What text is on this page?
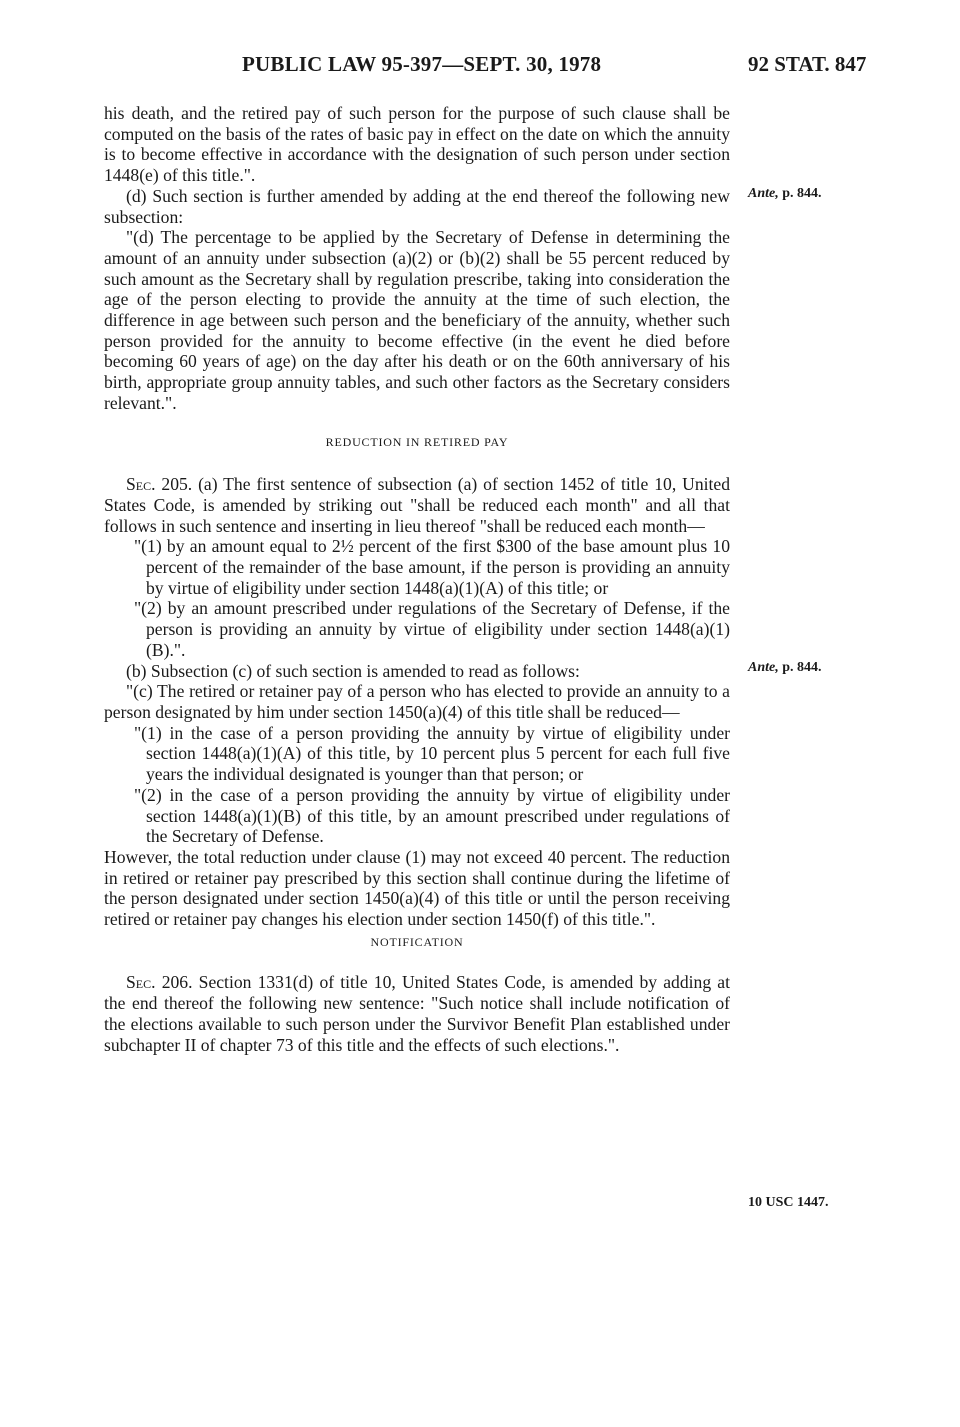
PUBLIC LAW 95-397—SEPT. 30, 1978	92 STAT. 847

his death, and the retired pay of such person for the purpose of such clause shall be computed on the basis of the rates of basic pay in effect on the date on which the annuity is to become effective in accordance with the designation of such person under section 1448(e) of this title.".

(d) Such section is further amended by adding at the end thereof the following new subsection:

"(d) The percentage to be applied by the Secretary of Defense in determining the amount of an annuity under subsection (a)(2) or (b)(2) shall be 55 percent reduced by such amount as the Secretary shall by regulation prescribe, taking into consideration the age of the person electing to provide the annuity at the time of such election, the difference in age between such person and the beneficiary of the annuity, whether such person provided for the annuity to become effective (in the event he died before becoming 60 years of age) on the day after his death or on the 60th anniversary of his birth, appropriate group annuity tables, and such other factors as the Secretary considers relevant.".

REDUCTION IN RETIRED PAY

Sec. 205. (a) The first sentence of subsection (a) of section 1452 of title 10, United States Code, is amended by striking out "shall be reduced each month" and all that follows in such sentence and inserting in lieu thereof "shall be reduced each month—

"(1) by an amount equal to 2½ percent of the first $300 of the base amount plus 10 percent of the remainder of the base amount, if the person is providing an annuity by virtue of eligibility under section 1448(a)(1)(A) of this title; or

"(2) by an amount prescribed under regulations of the Secretary of Defense, if the person is providing an annuity by virtue of eligibility under section 1448(a)(1)(B).".

(b) Subsection (c) of such section is amended to read as follows:

"(c) The retired or retainer pay of a person who has elected to provide an annuity to a person designated by him under section 1450(a)(4) of this title shall be reduced—

"(1) in the case of a person providing the annuity by virtue of eligibility under section 1448(a)(1)(A) of this title, by 10 percent plus 5 percent for each full five years the individual designated is younger than that person; or

"(2) in the case of a person providing the annuity by virtue of eligibility under section 1448(a)(1)(B) of this title, by an amount prescribed under regulations of the Secretary of Defense.

However, the total reduction under clause (1) may not exceed 40 percent. The reduction in retired or retainer pay prescribed by this section shall continue during the lifetime of the person designated under section 1450(a)(4) of this title or until the person receiving retired or retainer pay changes his election under section 1450(f) of this title.".

NOTIFICATION

Sec. 206. Section 1331(d) of title 10, United States Code, is amended by adding at the end thereof the following new sentence: "Such notice shall include notification of the elections available to such person under the Survivor Benefit Plan established under subchapter II of chapter 73 of this title and the effects of such elections.".

Ante, p. 844.
Ante, p. 844.
10 USC 1447.
